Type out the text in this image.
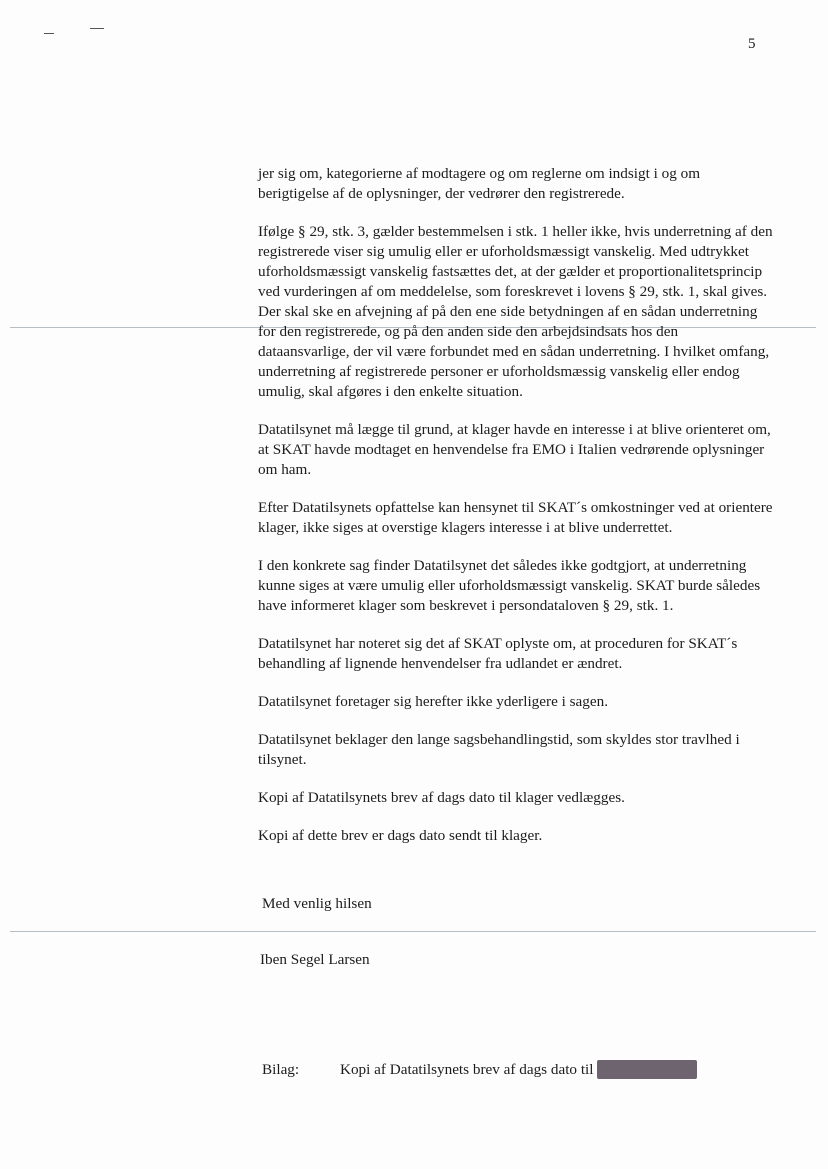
5

jer sig om, kategorierne af modtagere og om reglerne om indsigt i og om berigtigelse af de oplysninger, der vedrører den registrerede.

Ifølge § 29, stk. 3, gælder bestemmelsen i stk. 1 heller ikke, hvis underretning af den registrerede viser sig umulig eller er uforholdsmæssigt vanskelig. Med udtrykket uforholdsmæssigt vanskelig fastsættes det, at der gælder et proportionalitetsprincip ved vurderingen af om meddelelse, som foreskrevet i lovens § 29, stk. 1, skal gives. Der skal ske en afvejning af på den ene side betydningen af en sådan underretning for den registrerede, og på den anden side den arbejdsindsats hos den dataansvarlige, der vil være forbundet med en sådan underretning. I hvilket omfang, underretning af registrerede personer er uforholdsmæssig vanskelig eller endog umulig, skal afgøres i den enkelte situation.

Datatilsynet må lægge til grund, at klager havde en interesse i at blive orienteret om, at SKAT havde modtaget en henvendelse fra EMO i Italien vedrørende oplysninger om ham.

Efter Datatilsynets opfattelse kan hensynet til SKAT´s omkostninger ved at orientere klager, ikke siges at overstige klagers interesse i at blive underrettet.

I den konkrete sag finder Datatilsynet det således ikke godtgjort, at underretning kunne siges at være umulig eller uforholdsmæssigt vanskelig. SKAT burde således have informeret klager som beskrevet i persondataloven § 29, stk. 1.

Datatilsynet har noteret sig det af SKAT oplyste om, at proceduren for SKAT´s behandling af lignende henvendelser fra udlandet er ændret.

Datatilsynet foretager sig herefter ikke yderligere i sagen.

Datatilsynet beklager den lange sagsbehandlingstid, som skyldes stor travlhed i tilsynet.

Kopi af Datatilsynets brev af dags dato til klager vedlægges.

Kopi af dette brev er dags dato sendt til klager.

Med venlig hilsen
Iben Segel Larsen
Bilag:	Kopi af Datatilsynets brev af dags dato til
